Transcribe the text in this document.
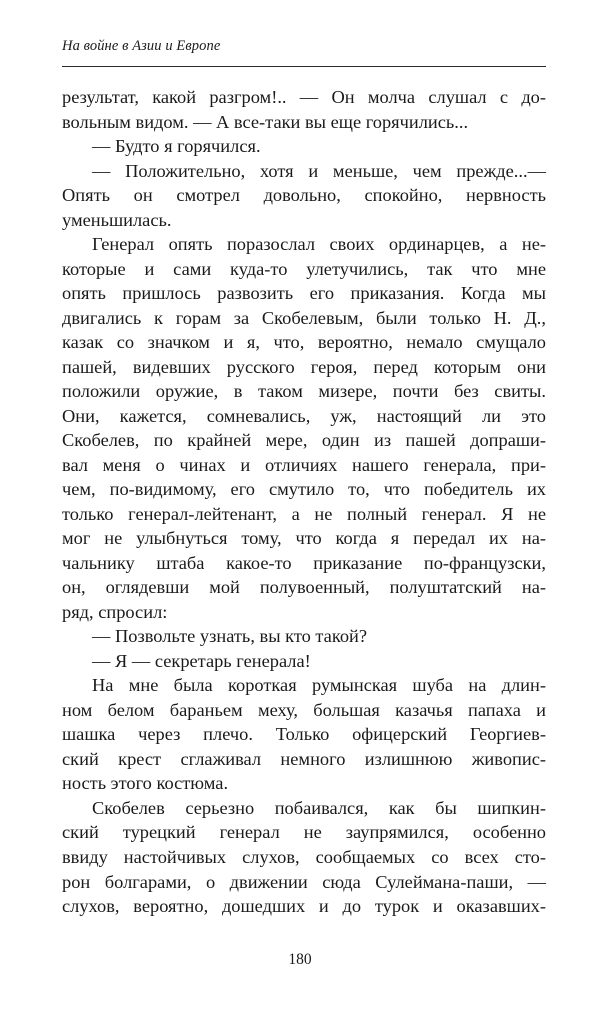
На войне в Азии и Европе
результат, какой разгром!.. — Он молча слушал с до-
вольным видом. — А все-таки вы еще горячились...
— Будто я горячился.
— Положительно, хотя и меньше, чем прежде...—
Опять он смотрел довольно, спокойно, нервность
уменьшилась.
Генерал опять поразослал своих ординарцев, а не-
которые и сами куда-то улетучились, так что мне
опять пришлось развозить его приказания. Когда мы
двигались к горам за Скобелевым, были только Н. Д.,
казак со значком и я, что, вероятно, немало смущало
пашей, видевших русского героя, перед которым они
положили оружие, в таком мизере, почти без свиты.
Они, кажется, сомневались, уж, настоящий ли это
Скобелев, по крайней мере, один из пашей допраши-
вал меня о чинах и отличиях нашего генерала, при-
чем, по-видимому, его смутило то, что победитель их
только генерал-лейтенант, а не полный генерал. Я не
мог не улыбнуться тому, что когда я передал их на-
чальнику штаба какое-то приказание по-французски,
он, оглядевши мой полувоенный, полуштатский на-
ряд, спросил:
— Позвольте узнать, вы кто такой?
— Я — секретарь генерала!
На мне была короткая румынская шуба на длин-
ном белом бараньем меху, большая казачья папаха и
шашка через плечо. Только офицерский Георгиев-
ский крест сглаживал немного излишнюю живопис-
ность этого костюма.
Скобелев серьезно побаивался, как бы шипкин-
ский турецкий генерал не заупрямился, особенно
ввиду настойчивых слухов, сообщаемых со всех сто-
рон болгарами, о движении сюда Сулеймана-паши, —
слухов, вероятно, дошедших и до турок и оказавших-
180
